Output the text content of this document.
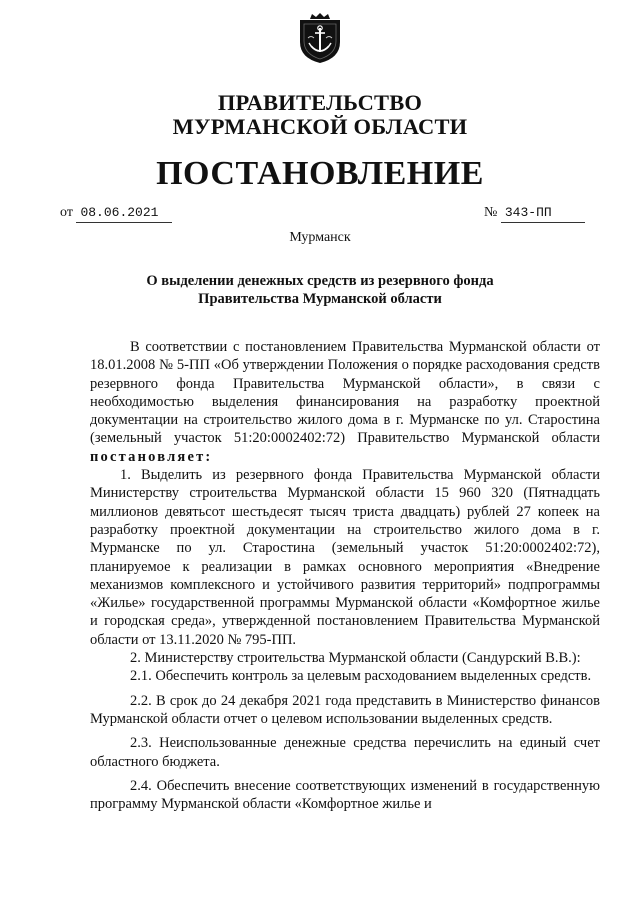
ПРАВИТЕЛЬСТВО
МУРМАНСКОЙ ОБЛАСТИ
ПОСТАНОВЛЕНИЕ
от 08.06.2021	№ 343-ПП
Мурманск
О выделении денежных средств из резервного фонда
Правительства Мурманской области

В соответствии с постановлением Правительства Мурманской области от 18.01.2008 № 5-ПП «Об утверждении Положения о порядке расходования средств резервного фонда Правительства Мурманской области», в связи с необходимостью выделения финансирования на разработку проектной документации на строительство жилого дома в г. Мурманске по ул. Старостина (земельный участок 51:20:0002402:72) Правительство Мурманской области постановляет:

1. Выделить из резервного фонда Правительства Мурманской области Министерству строительства Мурманской области 15 960 320 (Пятнадцать миллионов девятьсот шестьдесят тысяч триста двадцать) рублей 27 копеек на разработку проектной документации на строительство жилого дома в г. Мурманске по ул. Старостина (земельный участок 51:20:0002402:72), планируемое к реализации в рамках основного мероприятия «Внедрение механизмов комплексного и устойчивого развития территорий» подпрограммы «Жилье» государственной программы Мурманской области «Комфортное жилье и городская среда», утвержденной постановлением Правительства Мурманской области от 13.11.2020 № 795-ПП.

2. Министерству строительства Мурманской области (Сандурский В.В.):

2.1. Обеспечить контроль за целевым расходованием выделенных средств.

2.2. В срок до 24 декабря 2021 года представить в Министерство финансов Мурманской области отчет о целевом использовании выделенных средств.

2.3. Неиспользованные денежные средства перечислить на единый счет областного бюджета.

2.4. Обеспечить внесение соответствующих изменений в государственную программу Мурманской области «Комфортное жилье и
